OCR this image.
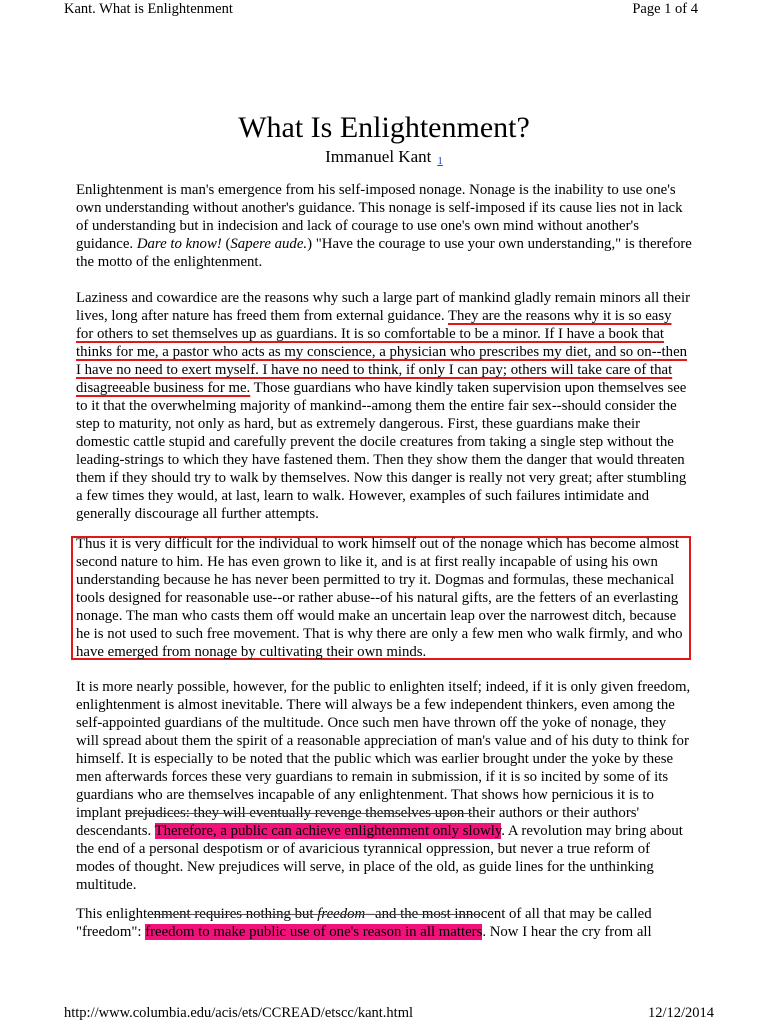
Kant. What is Enlightenment	Page 1 of 4
What Is Enlightenment?
Immanuel Kant 1
Enlightenment is man's emergence from his self-imposed nonage. Nonage is the inability to use one's own understanding without another's guidance. This nonage is self-imposed if its cause lies not in lack of understanding but in indecision and lack of courage to use one's own mind without another's guidance. Dare to know! (Sapere aude.) "Have the courage to use your own understanding," is therefore the motto of the enlightenment.
Laziness and cowardice are the reasons why such a large part of mankind gladly remain minors all their lives, long after nature has freed them from external guidance. They are the reasons why it is so easy for others to set themselves up as guardians. It is so comfortable to be a minor. If I have a book that thinks for me, a pastor who acts as my conscience, a physician who prescribes my diet, and so on--then I have no need to exert myself. I have no need to think, if only I can pay; others will take care of that disagreeable business for me. Those guardians who have kindly taken supervision upon themselves see to it that the overwhelming majority of mankind--among them the entire fair sex--should consider the step to maturity, not only as hard, but as extremely dangerous. First, these guardians make their domestic cattle stupid and carefully prevent the docile creatures from taking a single step without the leading-strings to which they have fastened them. Then they show them the danger that would threaten them if they should try to walk by themselves. Now this danger is really not very great; after stumbling a few times they would, at last, learn to walk. However, examples of such failures intimidate and generally discourage all further attempts.
Thus it is very difficult for the individual to work himself out of the nonage which has become almost second nature to him. He has even grown to like it, and is at first really incapable of using his own understanding because he has never been permitted to try it. Dogmas and formulas, these mechanical tools designed for reasonable use--or rather abuse--of his natural gifts, are the fetters of an everlasting nonage. The man who casts them off would make an uncertain leap over the narrowest ditch, because he is not used to such free movement. That is why there are only a few men who walk firmly, and who have emerged from nonage by cultivating their own minds.
It is more nearly possible, however, for the public to enlighten itself; indeed, if it is only given freedom, enlightenment is almost inevitable. There will always be a few independent thinkers, even among the self-appointed guardians of the multitude. Once such men have thrown off the yoke of nonage, they will spread about them the spirit of a reasonable appreciation of man's value and of his duty to think for himself. It is especially to be noted that the public which was earlier brought under the yoke by these men afterwards forces these very guardians to remain in submission, if it is so incited by some of its guardians who are themselves incapable of any enlightenment. That shows how pernicious it is to implant prejudices: they will eventually revenge themselves upon their authors or their authors' descendants. Therefore, a public can achieve enlightenment only slowly. A revolution may bring about the end of a personal despotism or of avaricious tyrannical oppression, but never a true reform of modes of thought. New prejudices will serve, in place of the old, as guide lines for the unthinking multitude.
This enlightenment requires nothing but freedom--and the most innocent of all that may be called "freedom": freedom to make public use of one's reason in all matters. Now I hear the cry from all
http://www.columbia.edu/acis/ets/CCREAD/etscc/kant.html	12/12/2014
